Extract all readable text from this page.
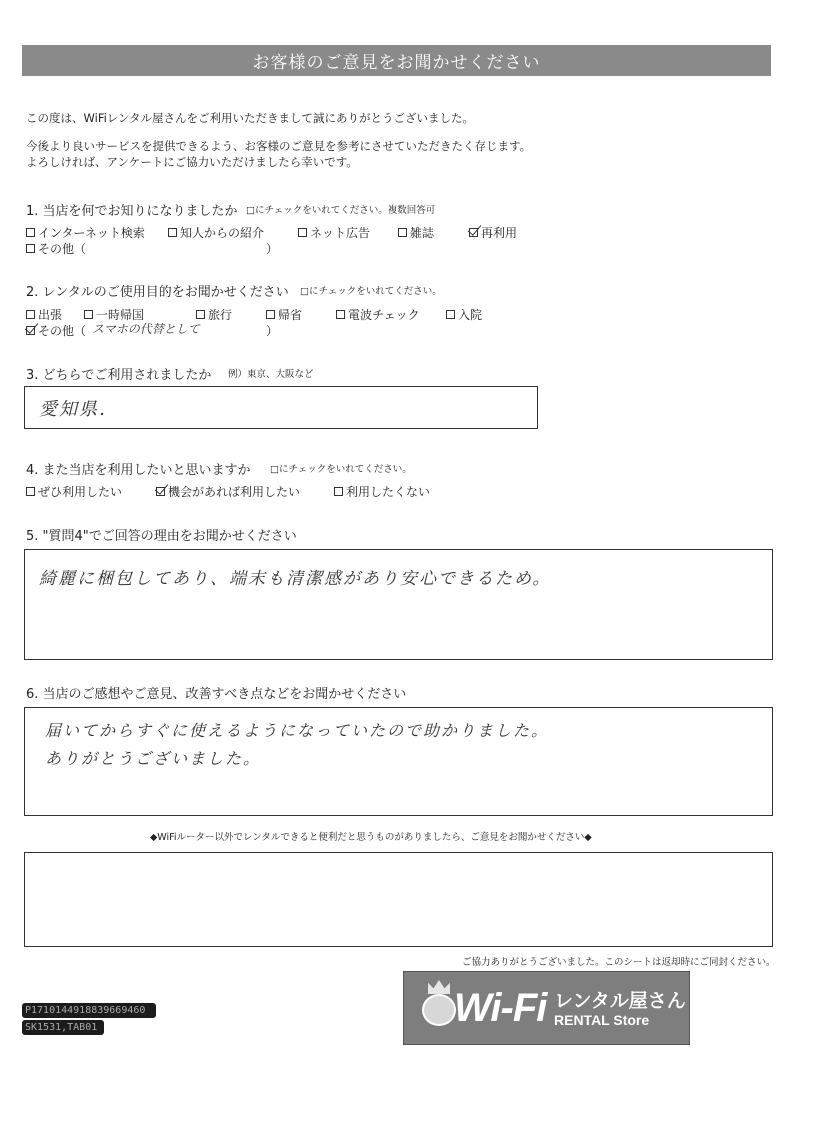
お客様のご意見をお聞かせください
この度は、WiFiレンタル屋さんをご利用いただきまして誠にありがとうございました。
今後より良いサービスを提供できるよう、お客様のご意見を参考にさせていただきたく存じます。
よろしければ、アンケートにご協力いただけましたら幸いです。
1. 当店を何でお知りになりましたか □にチェックをいれてください。複数回答可
インターネット検索	知人からの紹介	ネット広告	雑誌	再利用
その他（	）
2. レンタルのご使用目的をお聞かせください □にチェックをいれてください。
出張	一時帰国	旅行	帰省	電波チェック	入院
その他（ スマホの代替として	）
3. どちらでご利用されましたか 例）東京、大阪など
愛知県．
4. また当店を利用したいと思いますか □にチェックをいれてください。
ぜひ利用したい	機会があれば利用したい	利用したくない
5. "質問4"でご回答の理由をお聞かせください
綺麗に梱包してあり、端末も清潔感があり安心できるため。
6. 当店のご感想やご意見、改善すべき点などをお聞かせください
届いてからすぐに使えるようになっていたので助かりました。
ありがとうございました。
◆WiFiルーター以外でレンタルできると便利だと思うものがありましたら、ご意見をお聞かせください◆
ご協力ありがとうございました。このシートは返却時にご同封ください。
P1710144918839669460
SK1531,TAB01	Wi-Fi レンタル屋さん
RENTAL Store
